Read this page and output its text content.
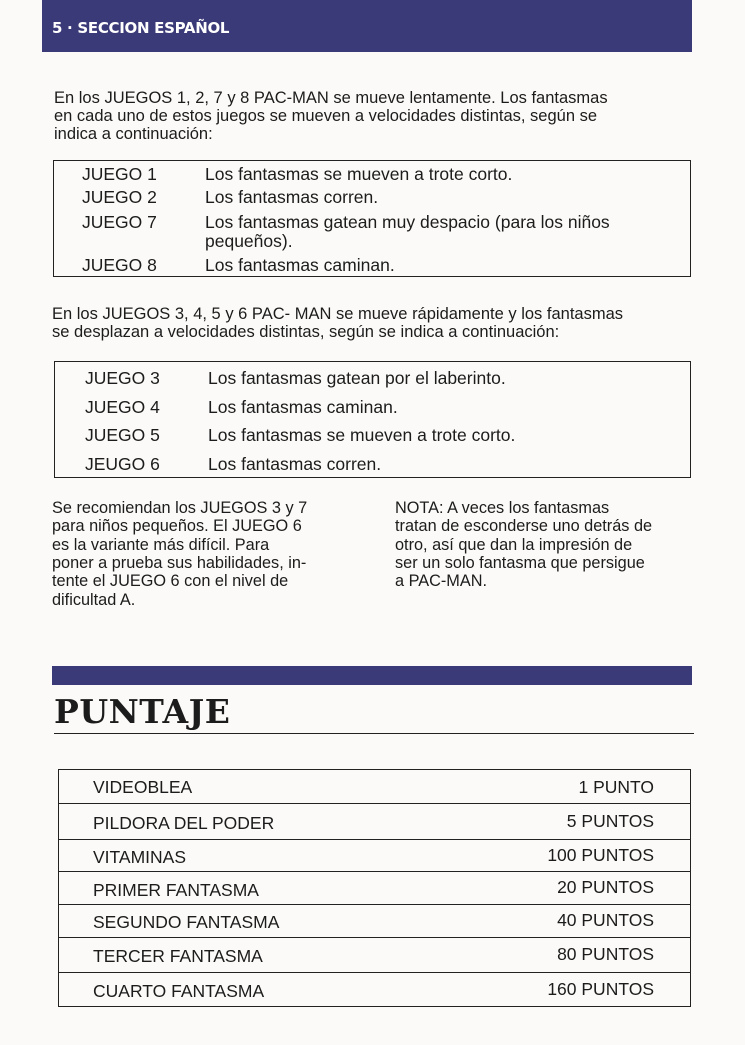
5 · SECCION ESPAÑOL
En los JUEGOS 1, 2, 7 y 8 PAC-MAN se mueve lentamente. Los fantasmas
en cada uno de estos juegos se mueven a velocidades distintas, según se
indica a continuación:
JUEGO 1	Los fantasmas se mueven a trote corto.
JUEGO 2	Los fantasmas corren.
JUEGO 7	Los fantasmas gatean muy despacio (para los niños
pequeños).
JUEGO 8	Los fantasmas caminan.
En los JUEGOS 3, 4, 5 y 6 PAC- MAN se mueve rápidamente y los fantasmas
se desplazan a velocidades distintas, según se indica a continuación:
JUEGO 3	Los fantasmas gatean por el laberinto.
JUEGO 4	Los fantasmas caminan.
JUEGO 5	Los fantasmas se mueven a trote corto.
JEUGO 6	Los fantasmas corren.
Se recomiendan los JUEGOS 3 y 7
para niños pequeños. El JUEGO 6
es la variante más difícil. Para
poner a prueba sus habilidades, in-
tente el JUEGO 6 con el nivel de
dificultad A.
NOTA: A veces los fantasmas
tratan de esconderse uno detrás de
otro, así que dan la impresión de
ser un solo fantasma que persigue
a PAC-MAN.
PUNTAJE
VIDEOBLEA	1 PUNTO
PILDORA DEL PODER	5 PUNTOS
VITAMINAS	100 PUNTOS
PRIMER FANTASMA	20 PUNTOS
SEGUNDO FANTASMA	40 PUNTOS
TERCER FANTASMA	80 PUNTOS
CUARTO FANTASMA	160 PUNTOS
